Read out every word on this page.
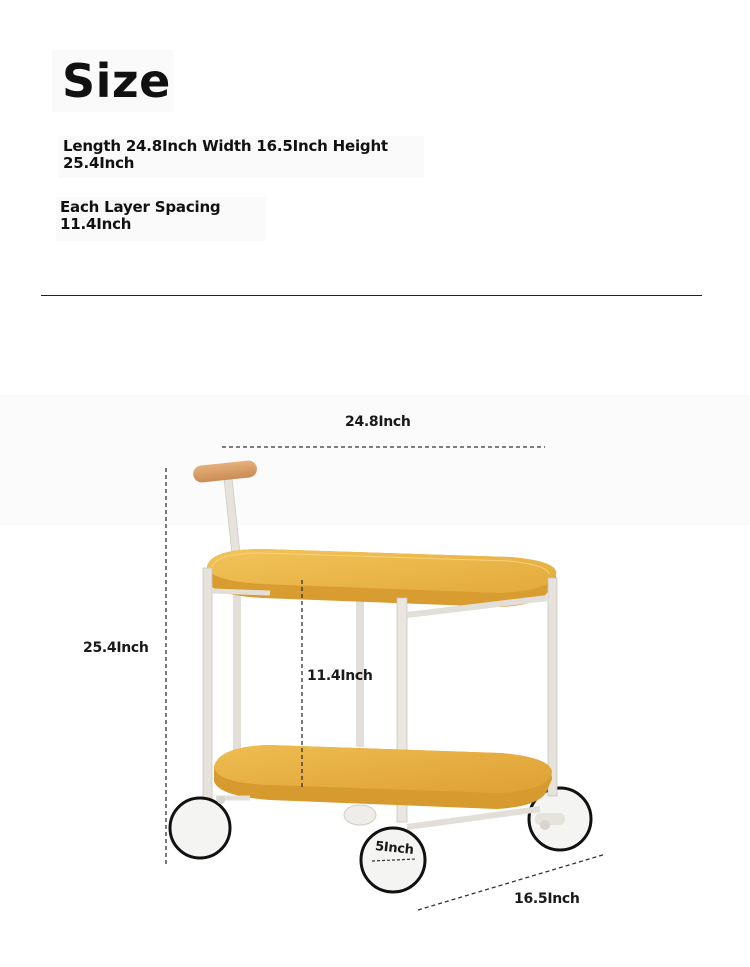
Size
Length 24.8Inch Width 16.5Inch Height
25.4Inch
Each Layer Spacing
11.4Inch
24.8Inch
25.4Inch
11.4Inch
5Inch
16.5Inch
